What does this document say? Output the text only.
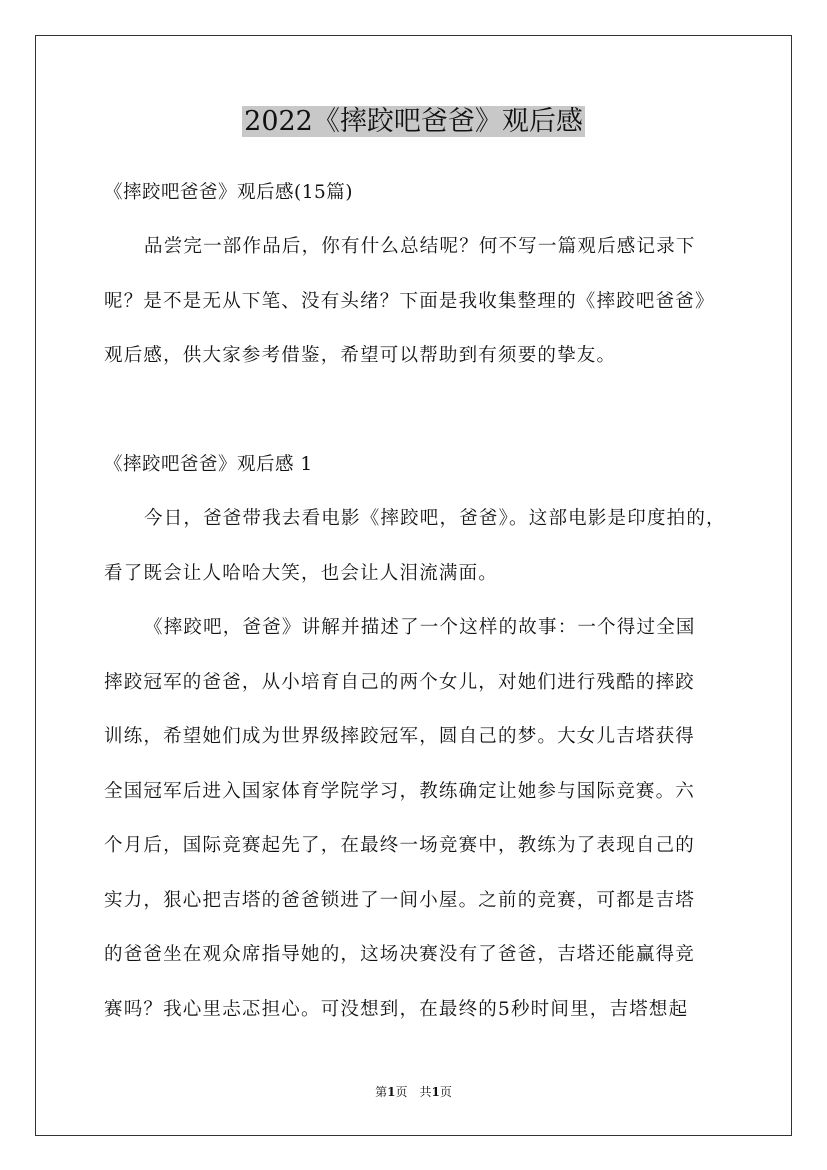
2022《摔跤吧爸爸》观后感
《摔跤吧爸爸》观后感(15篇)
品尝完一部作品后，你有什么总结呢？何不写一篇观后感记录下
呢？是不是无从下笔、没有头绪？下面是我收集整理的《摔跤吧爸爸》
观后感，供大家参考借鉴，希望可以帮助到有须要的挚友。
《摔跤吧爸爸》观后感 1
今日，爸爸带我去看电影《摔跤吧，爸爸》。这部电影是印度拍的，
看了既会让人哈哈大笑，也会让人泪流满面。
《摔跤吧，爸爸》讲解并描述了一个这样的故事：一个得过全国
摔跤冠军的爸爸，从小培育自己的两个女儿，对她们进行残酷的摔跤
训练，希望她们成为世界级摔跤冠军，圆自己的梦。大女儿吉塔获得
全国冠军后进入国家体育学院学习，教练确定让她参与国际竞赛。六
个月后，国际竞赛起先了，在最终一场竞赛中，教练为了表现自己的
实力，狠心把吉塔的爸爸锁进了一间小屋。之前的竞赛，可都是吉塔
的爸爸坐在观众席指导她的，这场决赛没有了爸爸，吉塔还能赢得竞
赛吗？我心里忐忑担心。可没想到，在最终的5秒时间里，吉塔想起
第1页　共1页
